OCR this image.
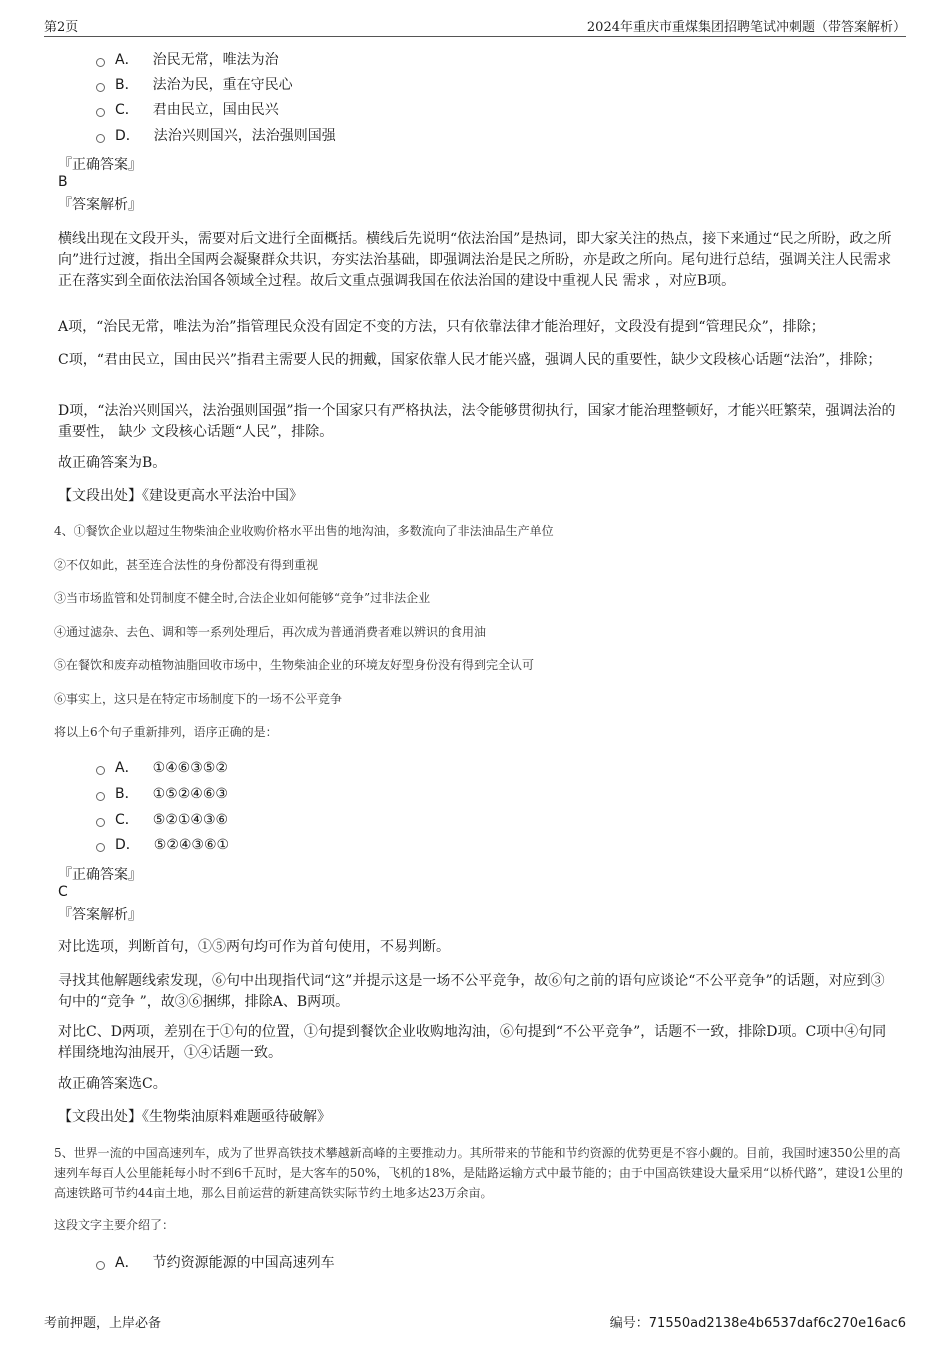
第2页	2024年重庆市重煤集团招聘笔试冲刺题（带答案解析）
A． 治民无常，唯法为治
B． 法治为民，重在守民心
C． 君由民立，国由民兴
D． 法治兴则国兴，法治强则国强
『正确答案』
B
『答案解析』
横线出现在文段开头，需要对后文进行全面概括。横线后先说明“依法治国”是热词，即大家关注的热点，接下来通过“民之所盼，政之所向”进行过渡，指出全国两会凝聚群众共识，夯实法治基础，即强调法治是民之所盼，亦是政之所向。尾句进行总结，强调关注人民需求正在落实到全面依法治国各领域全过程。故后文重点强调我国在依法治国的建设中重视人民 需求 ，对应B项。
A项，“治民无常，唯法为治”指管理民众没有固定不变的方法，只有依靠法律才能治理好，文段没有提到“管理民众”，排除；
C项，“君由民立，国由民兴”指君主需要人民的拥戴，国家依靠人民才能兴盛，强调人民的重要性，缺少文段核心话题“法治”，排除；
D项，“法治兴则国兴，法治强则国强”指一个国家只有严格执法，法令能够贯彻执行，国家才能治理整顿好，才能兴旺繁荣，强调法治的重要性， 缺少 文段核心话题“人民”，排除。
故正确答案为B。
【文段出处】《建设更高水平法治中国》
4、①餐饮企业以超过生物柴油企业收购价格水平出售的地沟油，多数流向了非法油品生产单位
②不仅如此，甚至连合法性的身份都没有得到重视
③当市场监管和处罚制度不健全时,合法企业如何能够“竞争”过非法企业
④通过滤杂、去色、调和等一系列处理后，再次成为普通消费者难以辨识的食用油
⑤在餐饮和废弃动植物油脂回收市场中，生物柴油企业的环境友好型身份没有得到完全认可
⑥事实上，这只是在特定市场制度下的一场不公平竞争
将以上6个句子重新排列，语序正确的是：
A． ①④⑥③⑤②
B． ①⑤②④⑥③
C． ⑤②①④③⑥
D． ⑤②④③⑥①
『正确答案』
C
『答案解析』
对比选项，判断首句，①⑤两句均可作为首句使用，不易判断。
寻找其他解题线索发现，⑥句中出现指代词“这”并提示这是一场不公平竞争，故⑥句之前的语句应谈论“不公平竞争”的话题，对应到③句中的“竞争 ”，故③⑥捆绑，排除A、B两项。
对比C、D两项，差别在于①句的位置，①句提到餐饮企业收购地沟油，⑥句提到“不公平竞争”，话题不一致，排除D项。C项中④句同样围绕地沟油展开，①④话题一致。
故正确答案选C。
【文段出处】《生物柴油原料难题亟待破解》
5、世界一流的中国高速列车，成为了世界高铁技术攀越新高峰的主要推动力。其所带来的节能和节约资源的优势更是不容小觑的。目前，我国时速350公里的高速列车每百人公里能耗每小时不到6千瓦时，是大客车的50%，飞机的18%，是陆路运输方式中最节能的；由于中国高铁建设大量采用“以桥代路”，建设1公里的高速铁路可节约44亩土地，那么目前运营的新建高铁实际节约土地多达23万余亩。
这段文字主要介绍了：
A． 节约资源能源的中国高速列车
考前押题，上岸必备	编号：71550ad2138e4b6537daf6c270e16ac6
